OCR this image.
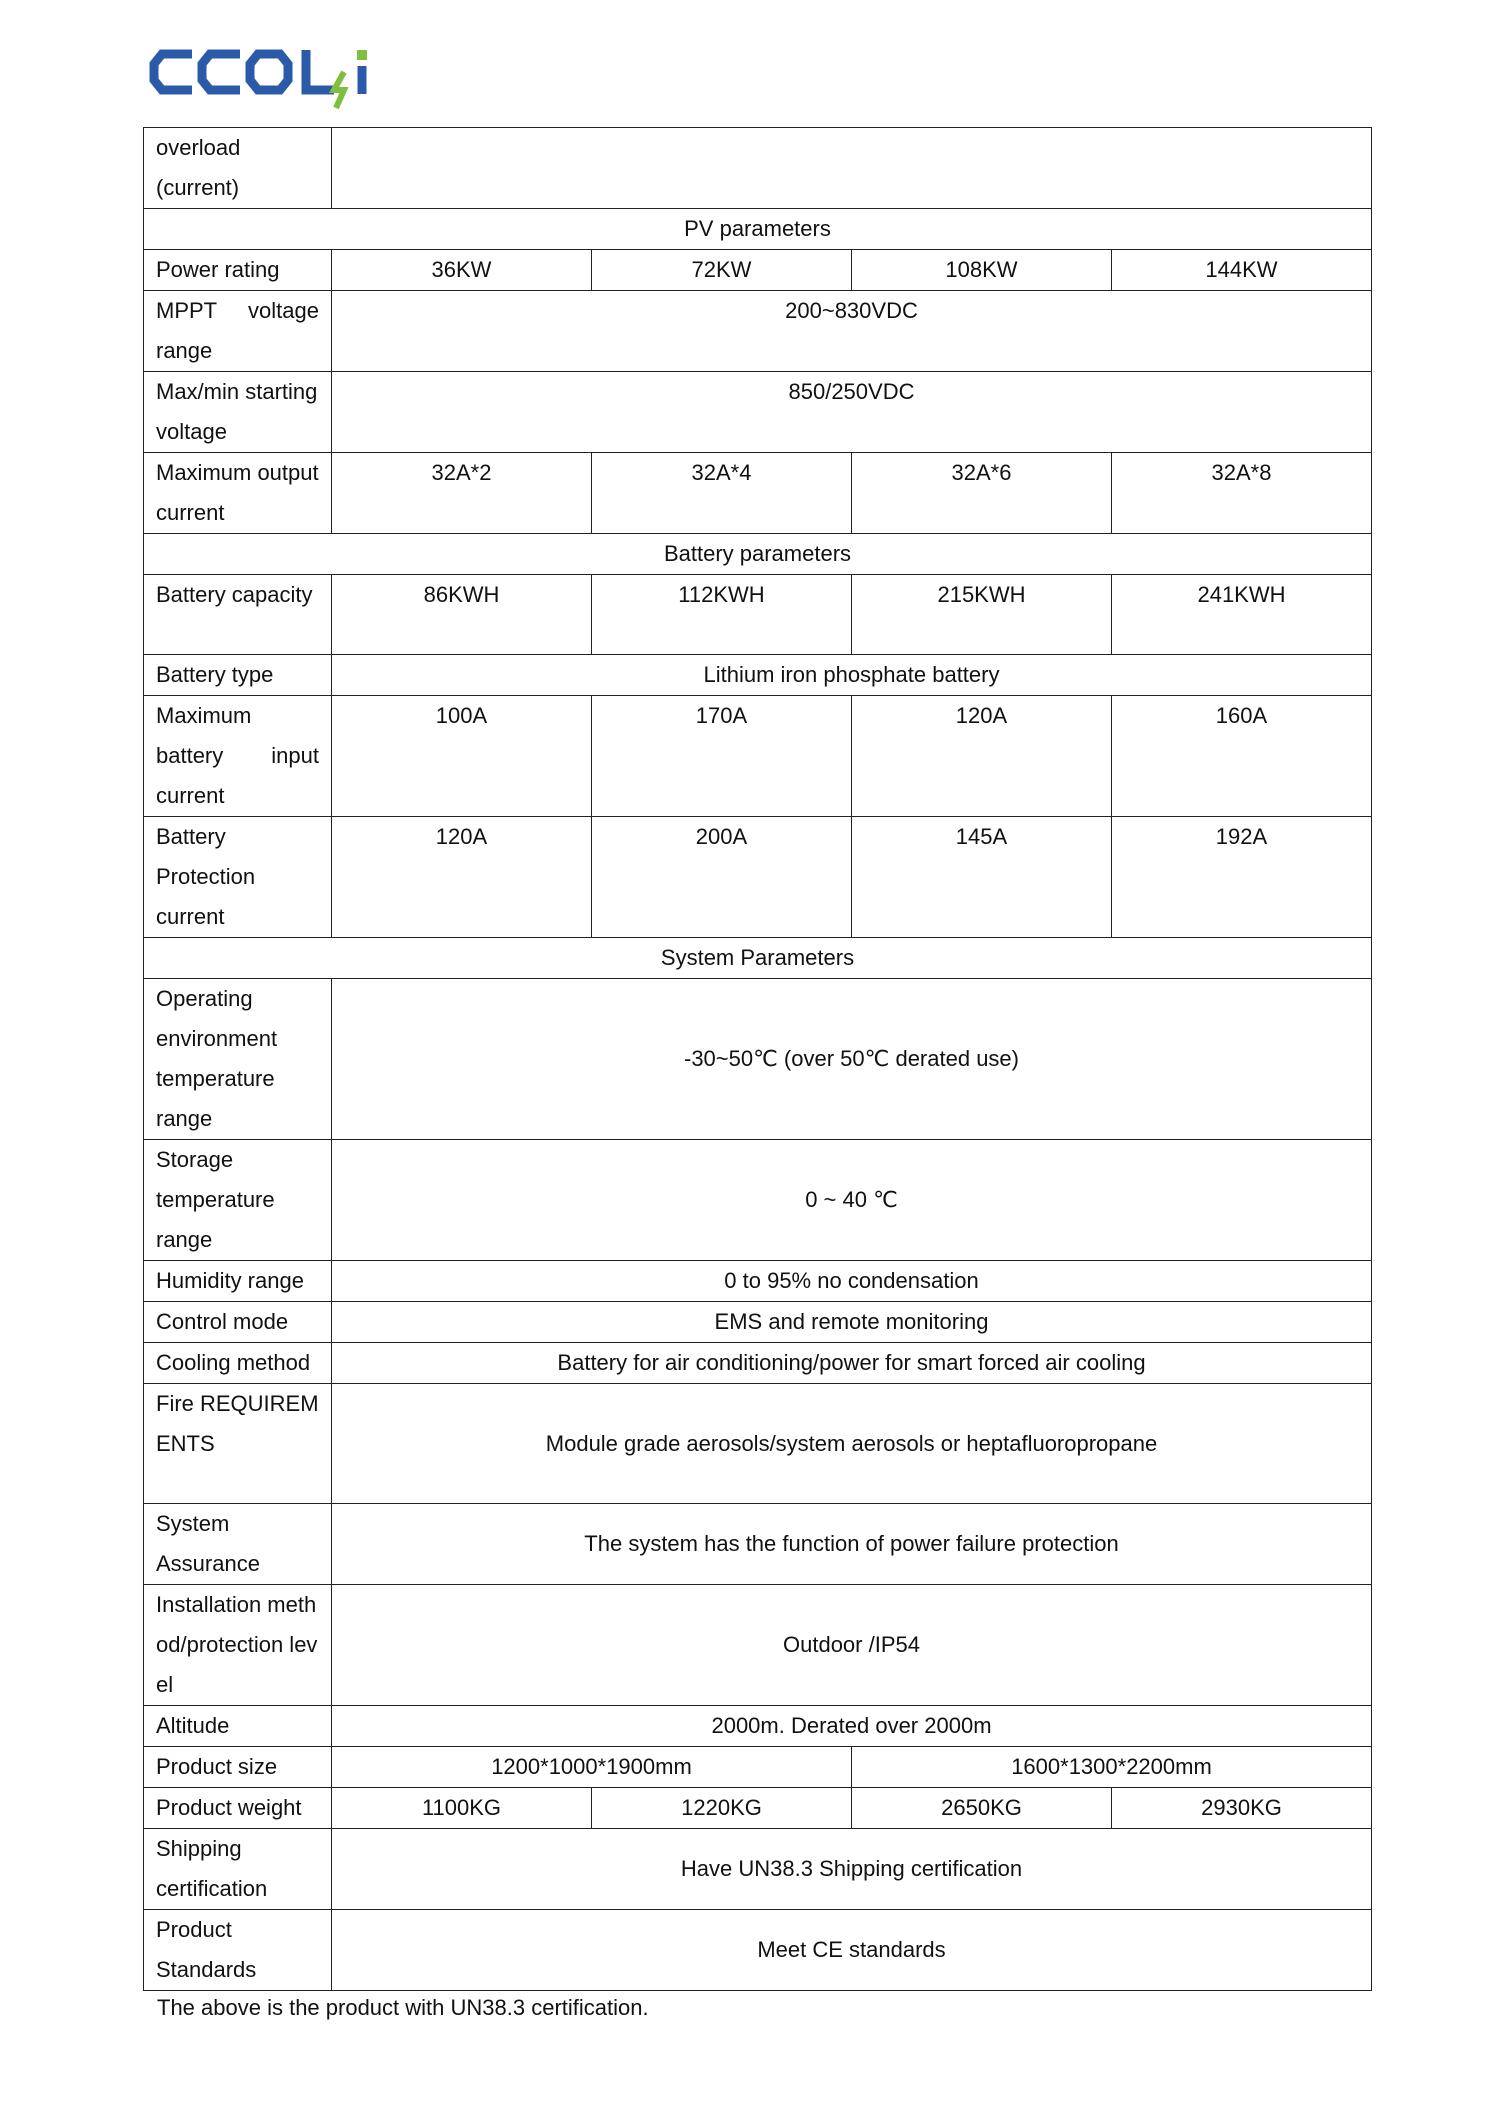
overload (current)				
PV parameters				
Power rating	36KW	72KW	108KW	144KW
MPPT voltage range	200~830VDC			
Max/min starting voltage	850/250VDC			
Maximum output current	32A*2	32A*4	32A*6	32A*8
Battery parameters				
Battery capacity	86KWH	112KWH	215KWH	241KWH
Battery type	Lithium iron phosphate battery			
Maximum battery input current	100A	170A	120A	160A
Battery Protection current	120A	200A	145A	192A
System Parameters				
Operating environment temperature range	-30~50℃ (over 50℃ derated use)			
Storage temperature range	0 ~ 40 ℃			
Humidity range	0 to 95% no condensation			
Control mode	EMS and remote monitoring			
Cooling method	Battery for air conditioning/power for smart forced air cooling			
Fire REQUIREMENTS	Module grade aerosols/system aerosols or heptafluoropropane			
System Assurance	The system has the function of power failure protection			
Installation method/protection level	Outdoor /IP54			
Altitude	2000m. Derated over 2000m			
Product size	1200*1000*1900mm		1600*1300*2200mm	
Product weight	1100KG	1220KG	2650KG	2930KG
Shipping certification	Have UN38.3 Shipping certification			
Product Standards	Meet CE standards			
The above is the product with UN38.3 certification.
